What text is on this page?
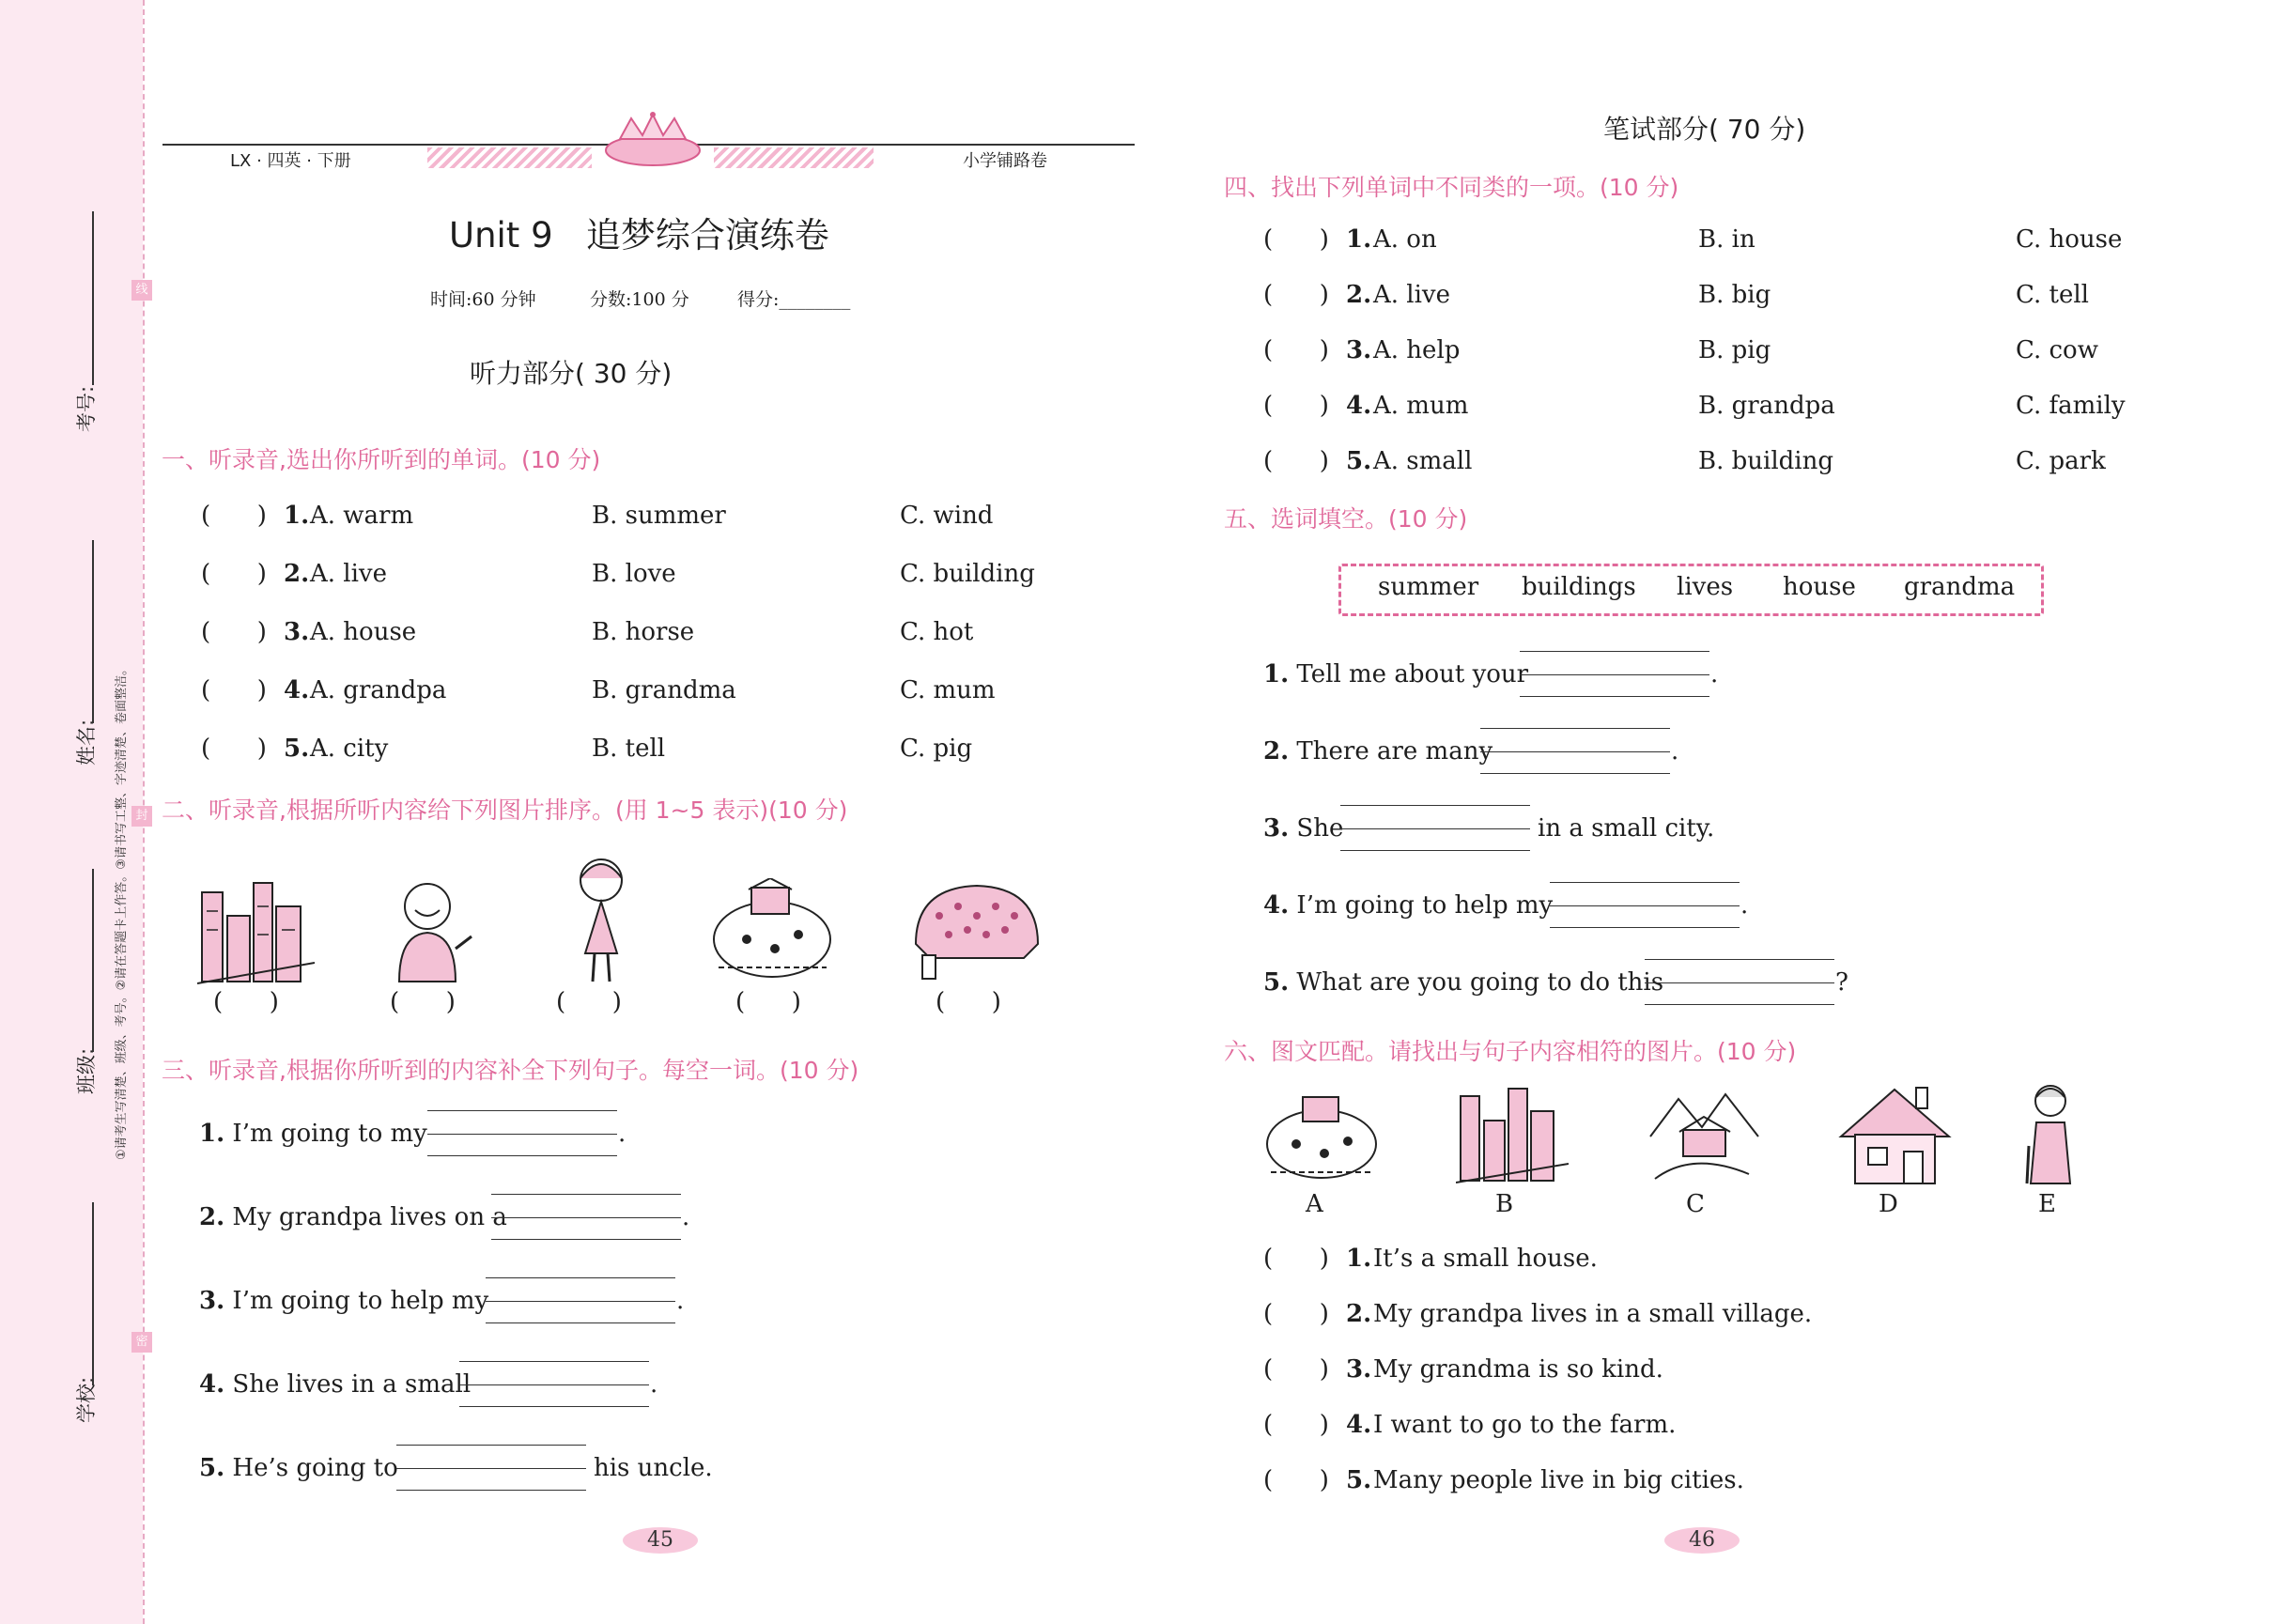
考号:
姓名:
班级:
学校:
①请考生写清楚、班级、考号。②请在答题卡上作答。③请书写工整、字迹清楚、卷面整洁。
线
封
密
LX · 四英 · 下册	小学铺路卷
Unit 9   追梦综合演练卷
时间:60 分钟	分数:100 分	得分:________
听力部分( 30 分)
一、听录音,选出你所听到的单词。(10 分)
(      ) 1. A. warm	B. summer	C. wind
(      ) 2. A. live	B. love	C. building
(      ) 3. A. house	B. horse	C. hot
(      ) 4. A. grandpa	B. grandma	C. mum
(      ) 5. A. city	B. tell	C. pig
二、听录音,根据所听内容给下列图片排序。(用 1~5 表示)(10 分)
(      )	(      )	(      )	(      )	(      )
三、听录音,根据你所听到的内容补全下列句子。每空一词。(10 分)
1. I’m going to my	.
2. My grandpa lives on a	.
3. I’m going to help my	.
4. She lives in a small	.
5. He’s going to	his uncle.
45
笔试部分( 70 分)
四、找出下列单词中不同类的一项。(10 分)
(      ) 1. A. on	B. in	C. house
(      ) 2. A. live	B. big	C. tell
(      ) 3. A. help	B. pig	C. cow
(      ) 4. A. mum	B. grandpa	C. family
(      ) 5. A. small	B. building	C. park
五、选词填空。(10 分)
summer buildings lives house grandma
1. Tell me about your	.
2. There are many	.
3. She	in a small city.
4. I’m going to help my	.
5. What are you going to do this	?
六、图文匹配。请找出与句子内容相符的图片。(10 分)
A	B	C	D	E
(      ) 1. It’s a small house.
(      ) 2. My grandpa lives in a small village.
(      ) 3. My grandma is so kind.
(      ) 4. I want to go to the farm.
(      ) 5. Many people live in big cities.
46
